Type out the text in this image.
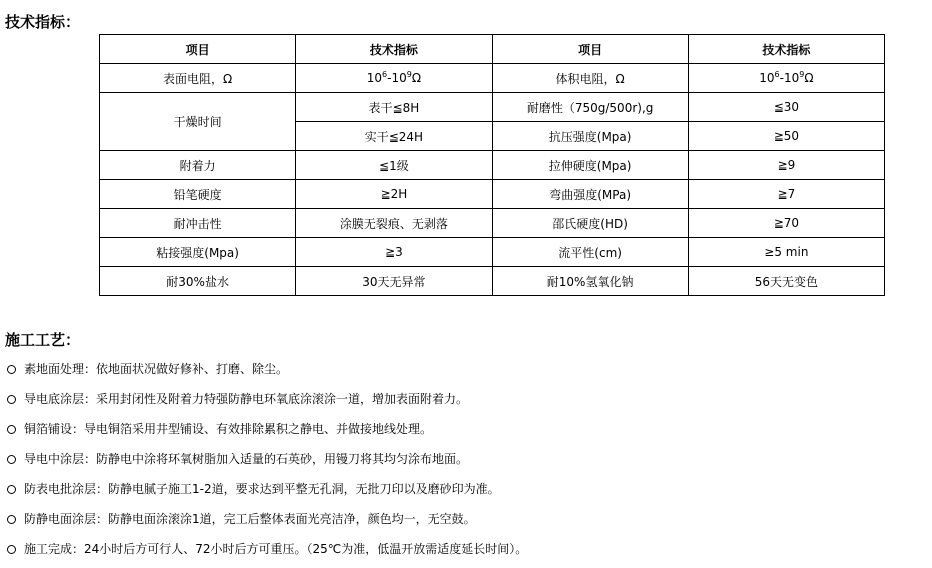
技术指标：
项目	技术指标	项目	技术指标
表面电阻，Ω	$10^6-10^9\Omega$	体积电阻，Ω	$10^6-10^9\Omega$
干燥时间	表干≦8H	耐磨性（750g/500r),g	≦30
	实干≦24H	抗压强度(Mpa)	≧50
附着力	≦1级	拉伸硬度(Mpa)	≧9
铅笔硬度	≧2H	弯曲强度(MPa)	≧7
耐冲击性	涂膜无裂痕、无剥落	邵氏硬度(HD)	≧70
粘接强度(Mpa)	≧3	流平性(cm)	≥5 min
耐30%盐水	30天无异常	耐10%氢氧化钠	56天无变色
施工工艺：
素地面处理：依地面状况做好修补、打磨、除尘。
导电底涂层：采用封闭性及附着力特强防静电环氧底涂滚涂一道，增加表面附着力。
铜箔铺设：导电铜箔采用井型铺设、有效排除累积之静电、并做接地线处理。
导电中涂层：防静电中涂将环氧树脂加入适量的石英砂，用镘刀将其均匀涂布地面。
防表电批涂层：防静电腻子施工1-2道，要求达到平整无孔洞，无批刀印以及磨砂印为准。
防静电面涂层：防静电面涂滚涂1道，完工后整体表面光亮洁净，颜色均一，无空鼓。
施工完成：24小时后方可行人、72小时后方可重压。（25℃为准，低温开放需适度延长时间）。
